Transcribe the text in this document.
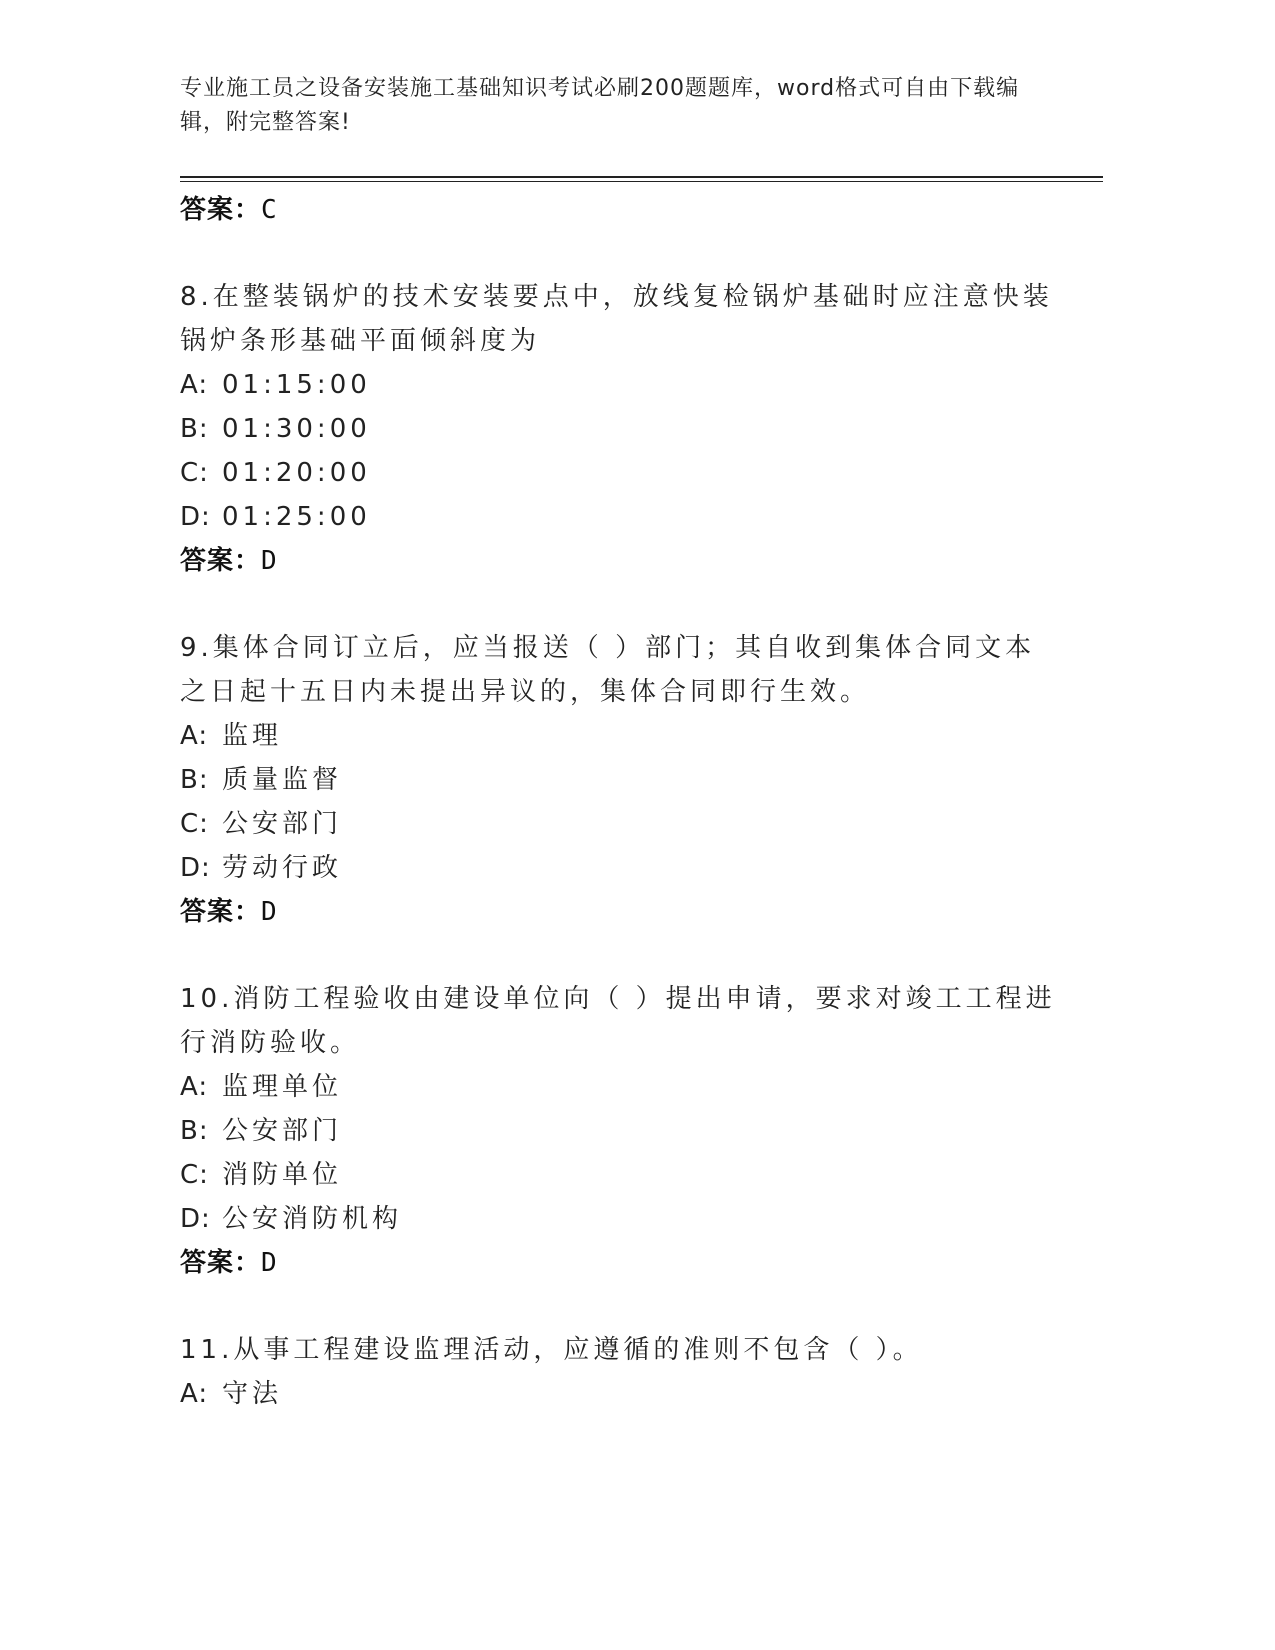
专业施工员之设备安装施工基础知识考试必刷200题题库，word格式可自由下载编辑，附完整答案!
答案：C
8.在整装锅炉的技术安装要点中，放线复检锅炉基础时应注意快装锅炉条形基础平面倾斜度为
A: 01:15:00
B: 01:30:00
C: 01:20:00
D: 01:25:00
答案：D
9.集体合同订立后，应当报送（ ）部门；其自收到集体合同文本之日起十五日内未提出异议的，集体合同即行生效。
A: 监理
B: 质量监督
C: 公安部门
D: 劳动行政
答案：D
10.消防工程验收由建设单位向（ ）提出申请，要求对竣工工程进行消防验收。
A: 监理单位
B: 公安部门
C: 消防单位
D: 公安消防机构
答案：D
11.从事工程建设监理活动，应遵循的准则不包含（ ）。
A: 守法
